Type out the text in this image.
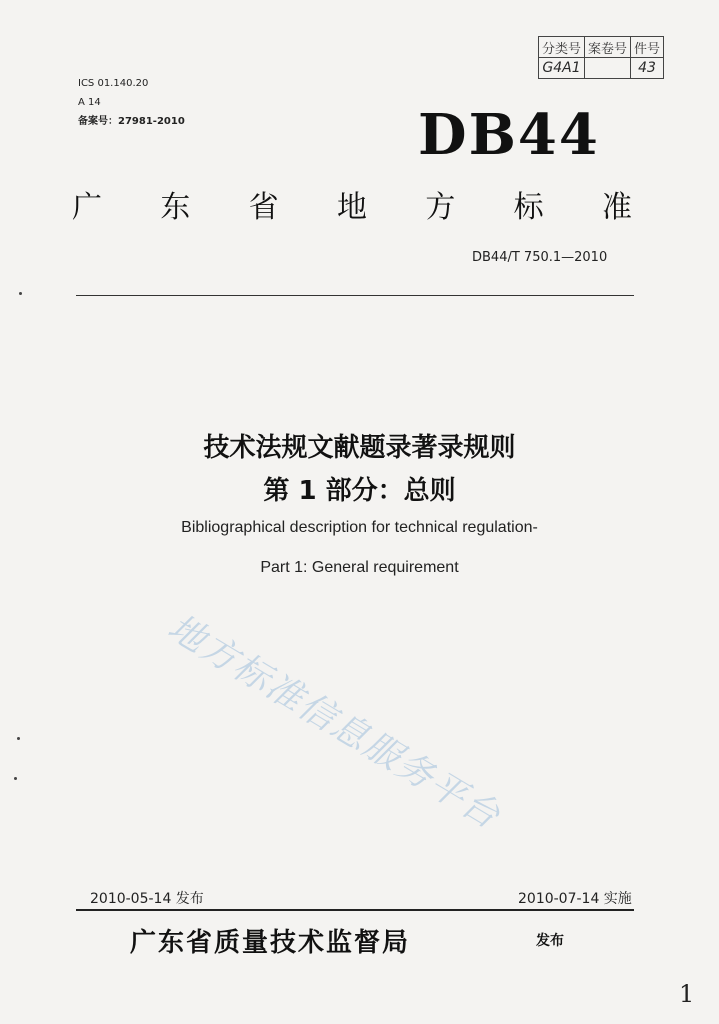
分类号	案卷号	件号
G4A1		43
ICS 01.140.20
A 14
备案号：27981-2010	DB44
广 东 省 地 方 标 准
DB44/T 750.1—2010
技术法规文献题录著录规则
第 1 部分：总则
Bibliographical description for technical regulation-
Part 1: General requirement
地方标准信息服务平台
2010-05-14 发布	2010-07-14 实施
广东省质量技术监督局	发布
1
